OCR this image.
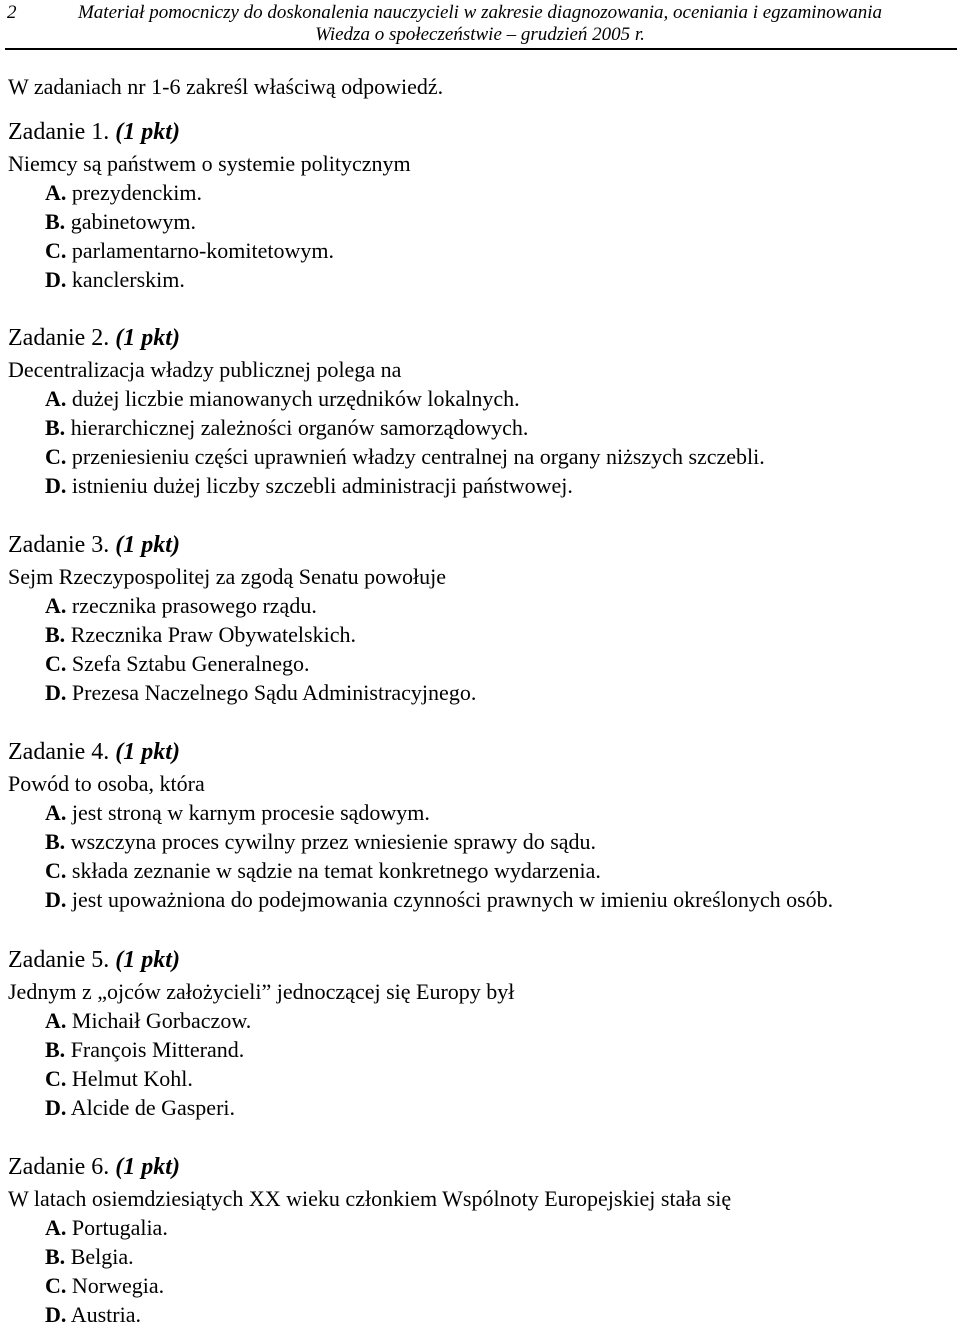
2	Materiał pomocniczy do doskonalenia nauczycieli w zakresie diagnozowania, oceniania i egzaminowania
Wiedza o społeczeństwie – grudzień 2005 r.
W zadaniach nr 1-6 zakreśl właściwą odpowiedź.
Zadanie 1. (1 pkt)
Niemcy są państwem o systemie politycznym
A. prezydenckim.
B. gabinetowym.
C. parlamentarno-komitetowym.
D. kanclerskim.
Zadanie 2. (1 pkt)
Decentralizacja władzy publicznej polega na
A. dużej liczbie mianowanych urzędników lokalnych.
B. hierarchicznej zależności organów samorządowych.
C. przeniesieniu części uprawnień władzy centralnej na organy niższych szczebli.
D. istnieniu dużej liczby szczebli administracji państwowej.
Zadanie 3. (1 pkt)
Sejm Rzeczypospolitej za zgodą Senatu powołuje
A. rzecznika prasowego rządu.
B. Rzecznika Praw Obywatelskich.
C. Szefa Sztabu Generalnego.
D. Prezesa Naczelnego Sądu Administracyjnego.
Zadanie 4. (1 pkt)
Powód to osoba, która
A. jest stroną w karnym procesie sądowym.
B. wszczyna proces cywilny przez wniesienie sprawy do sądu.
C. składa zeznanie w sądzie na temat konkretnego wydarzenia.
D. jest upoważniona do podejmowania czynności prawnych w imieniu określonych osób.
Zadanie 5. (1 pkt)
Jednym z „ojców założycieli” jednoczącej się Europy był
A. Michaił Gorbaczow.
B. François Mitterand.
C. Helmut Kohl.
D. Alcide de Gasperi.
Zadanie 6. (1 pkt)
W latach osiemdziesiątych XX wieku członkiem Wspólnoty Europejskiej stała się
A. Portugalia.
B. Belgia.
C. Norwegia.
D. Austria.
